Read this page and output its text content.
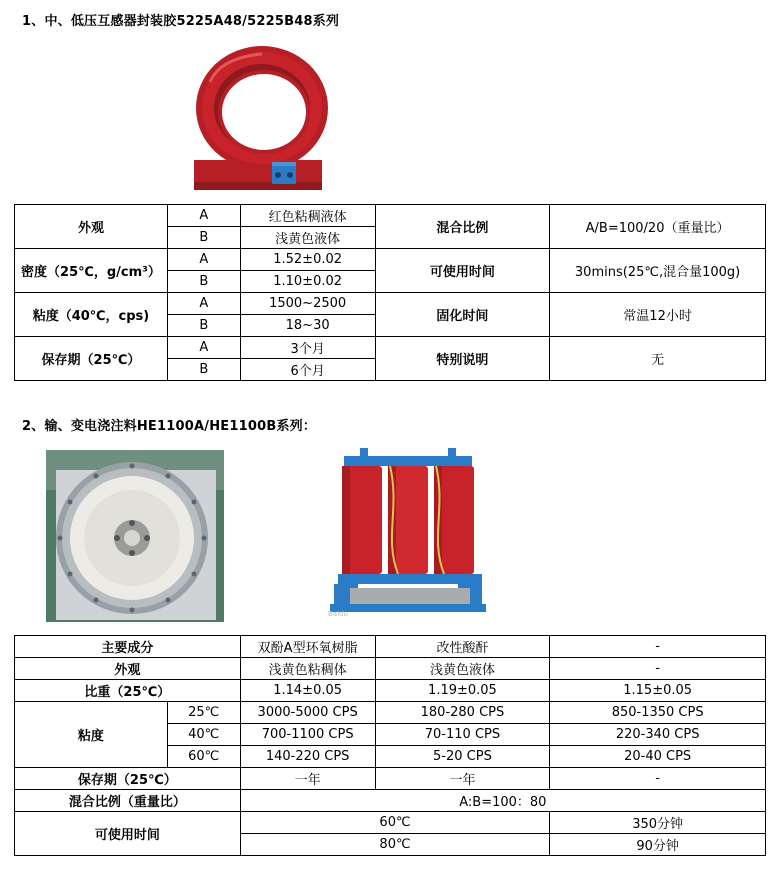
1、中、低压互感器封装胶5225A48/5225B48系列
外观	A	红色粘稠液体	混合比例	A/B=100/20（重量比）
	B	浅黄色液体		
密度（25℃，g/cm³）	A	1.52±0.02	可使用时间	30mins(25℃,混合量100g)
	B	1.10±0.02		
粘度（40℃，cps)	A	1500~2500	固化时间	常温12小时
	B	18~30		
保存期（25℃）	A	3个月	特别说明	无
	B	6个月		
2、输、变电浇注料HE1100A/HE1100B系列：
Baidu
主要成分		双酚A型环氧树脂	改性酸酐	-
外观		浅黄色粘稠体	浅黄色液体	-
比重（25℃）		1.14±0.05	1.19±0.05	1.15±0.05
粘度	25℃	3000-5000 CPS	180-280 CPS	850-1350 CPS
	40℃	700-1100 CPS	70-110 CPS	220-340 CPS
	60℃	140-220 CPS	5-20 CPS	20-40 CPS
保存期（25℃）		一年	一年	-
混合比例（重量比）		A:B=100：80		
可使用时间		60℃		350分钟
		80℃		90分钟
